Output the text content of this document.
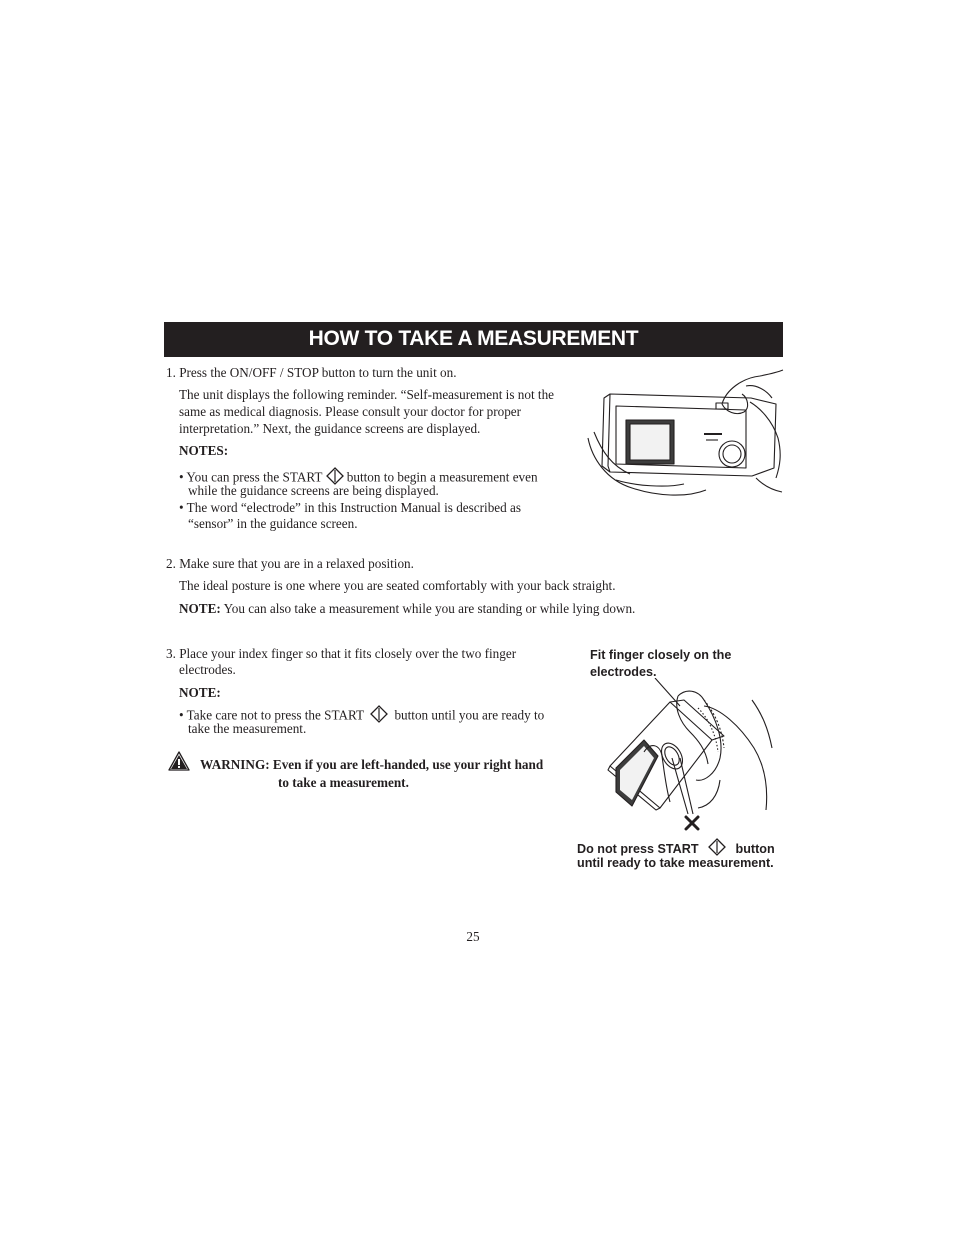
HOW TO TAKE A MEASUREMENT
1. Press the ON/OFF / STOP button to turn the unit on.
The unit displays the following reminder. “Self-measurement is not the
same as medical diagnosis. Please consult your doctor for proper
interpretation.” Next, the guidance screens are displayed.
NOTES:
• You can press the START button to begin a measurement even
while the guidance screens are being displayed.
• The word “electrode” in this Instruction Manual is described as
“sensor” in the guidance screen.
2. Make sure that you are in a relaxed position.
The ideal posture is one where you are seated comfortably with your back straight.
NOTE: You can also take a measurement while you are standing or while lying down.
3. Place your index finger so that it fits closely over the two finger
electrodes.
NOTE:
• Take care not to press the START button until you are ready to
take the measurement.
WARNING: Even if you are left-handed, use your right hand
to take a measurement.
Fit finger closely on the
electrodes.
Do not press START	button
until ready to take measurement.
25
